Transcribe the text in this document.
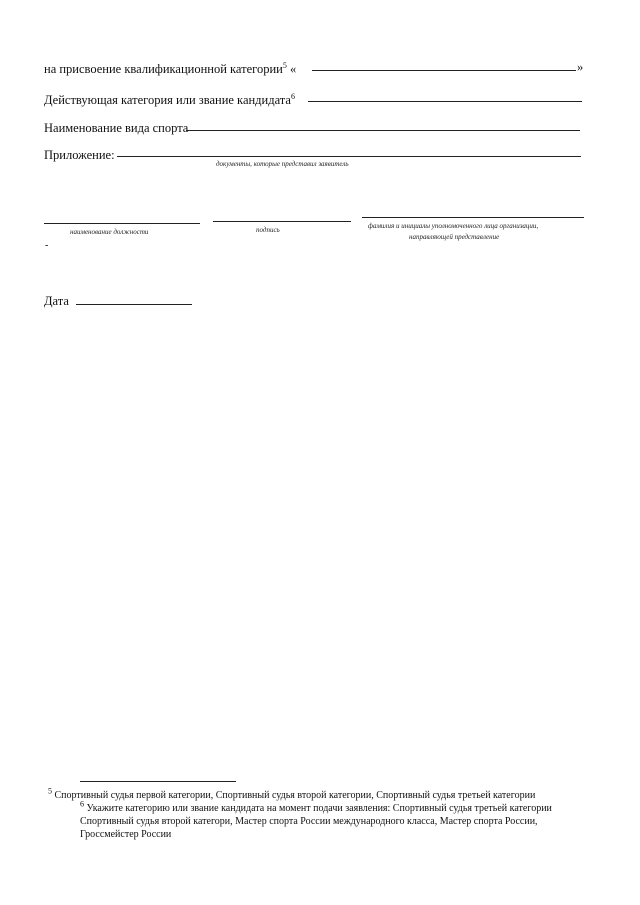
на присвоение квалификационной категории$^5$ «	»
Действующая категория или звание кандидата$^6$
Наименование вида спорта
Приложение:
документы, которые представил заявитель
наименование должности	подпись	фамилия и инициалы уполномоченного лица организации,
направляющей представление
-
Дата
$^5$ Спортивный судья первой категории, Спортивный судья второй категории, Спортивный судья третьей категории
$^6$ Укажите категорию или звание кандидата на момент подачи заявления: Спортивный судья третьей категории
Спортивный судья второй категори, Мастер спорта России международного класса, Мастер спорта России,
Гроссмейстер России
